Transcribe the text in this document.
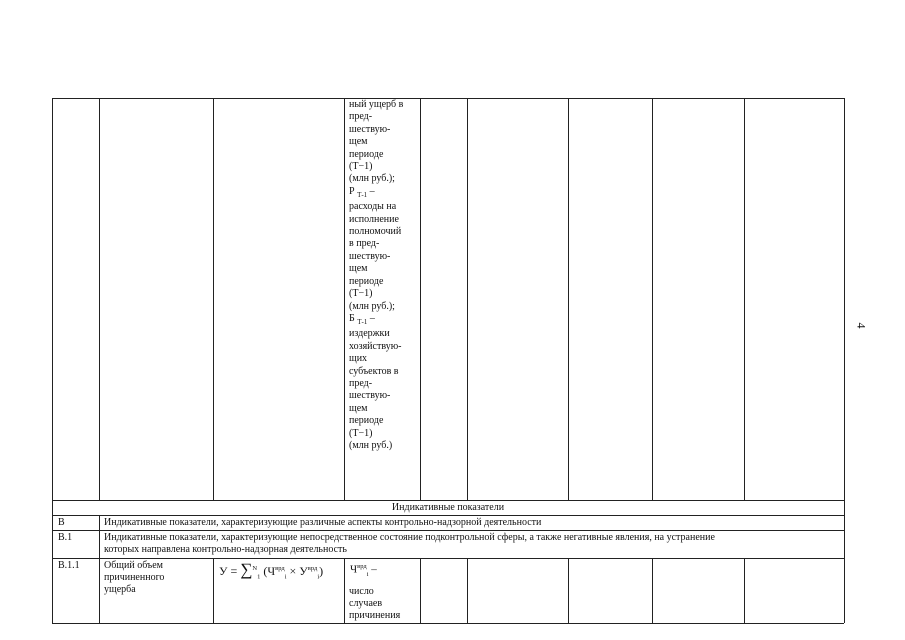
ный ущерб в
пред-
шествую-
щем
периоде
(Т−1)
(млн руб.);
Р $_{Т-1}$ –
расходы на
исполнение
полномочий
в пред-
шествую-
щем
периоде
(Т−1)
(млн руб.);
Б $_{Т-1}$ –
издержки
хозяйствую-
щих
субъектов в
пред-
шествую-
щем
периоде
(Т−1)
(млн руб.)
Индикативные показатели
В	Индикативные показатели, характеризующие различные аспекты контрольно-надзорной деятельности
В.1	Индикативные показатели, характеризующие непосредственное состояние подконтрольной сферы, а также негативные явления, на устранение
которых направлена контрольно-надзорная деятельность
В.1.1 Общий объем
причиненного
ущерба
У = ∑$^N_1$ $(Ч^{врд}_i \times У^{врд}_i)$ $Ч^{врд}_i$ –
число
случаев
причинения
4
